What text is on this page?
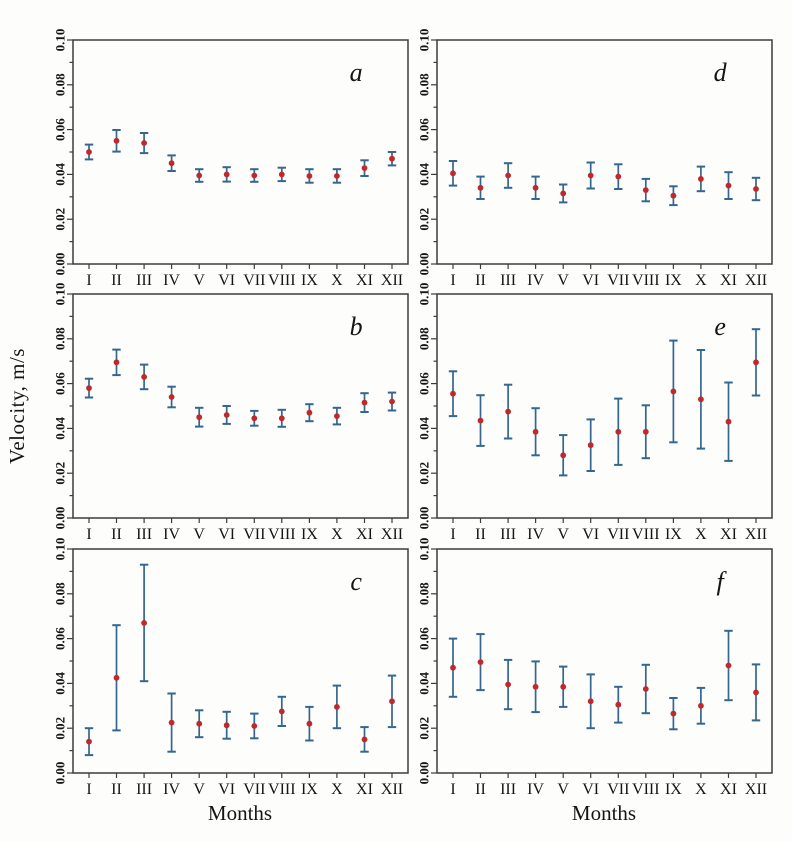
Velocity, m/s
0.00
0.02
0.04
0.06
0.08
0.10
I II III IV V VI VII VIII IX X XI XII
a
0.00
0.02
0.04
0.06
0.08
0.10
I II III IV V VI VII VIII IX X XI XII
d
0.00
0.02
0.04
0.06
0.08
0.10
I II III IV V VI VII VIII IX X XI XII
b
0.00
0.02
0.04
0.06
0.08
0.10
I II III IV V VI VII VIII IX X XI XII
e
0.00
0.02
0.04
0.06
0.08
0.10
I II III IV V VI VII VIII IX X XI XII
c
0.00
0.02
0.04
0.06
0.08
0.10
I II III IV V VI VII VIII IX X XI XII
f
Months	Months
